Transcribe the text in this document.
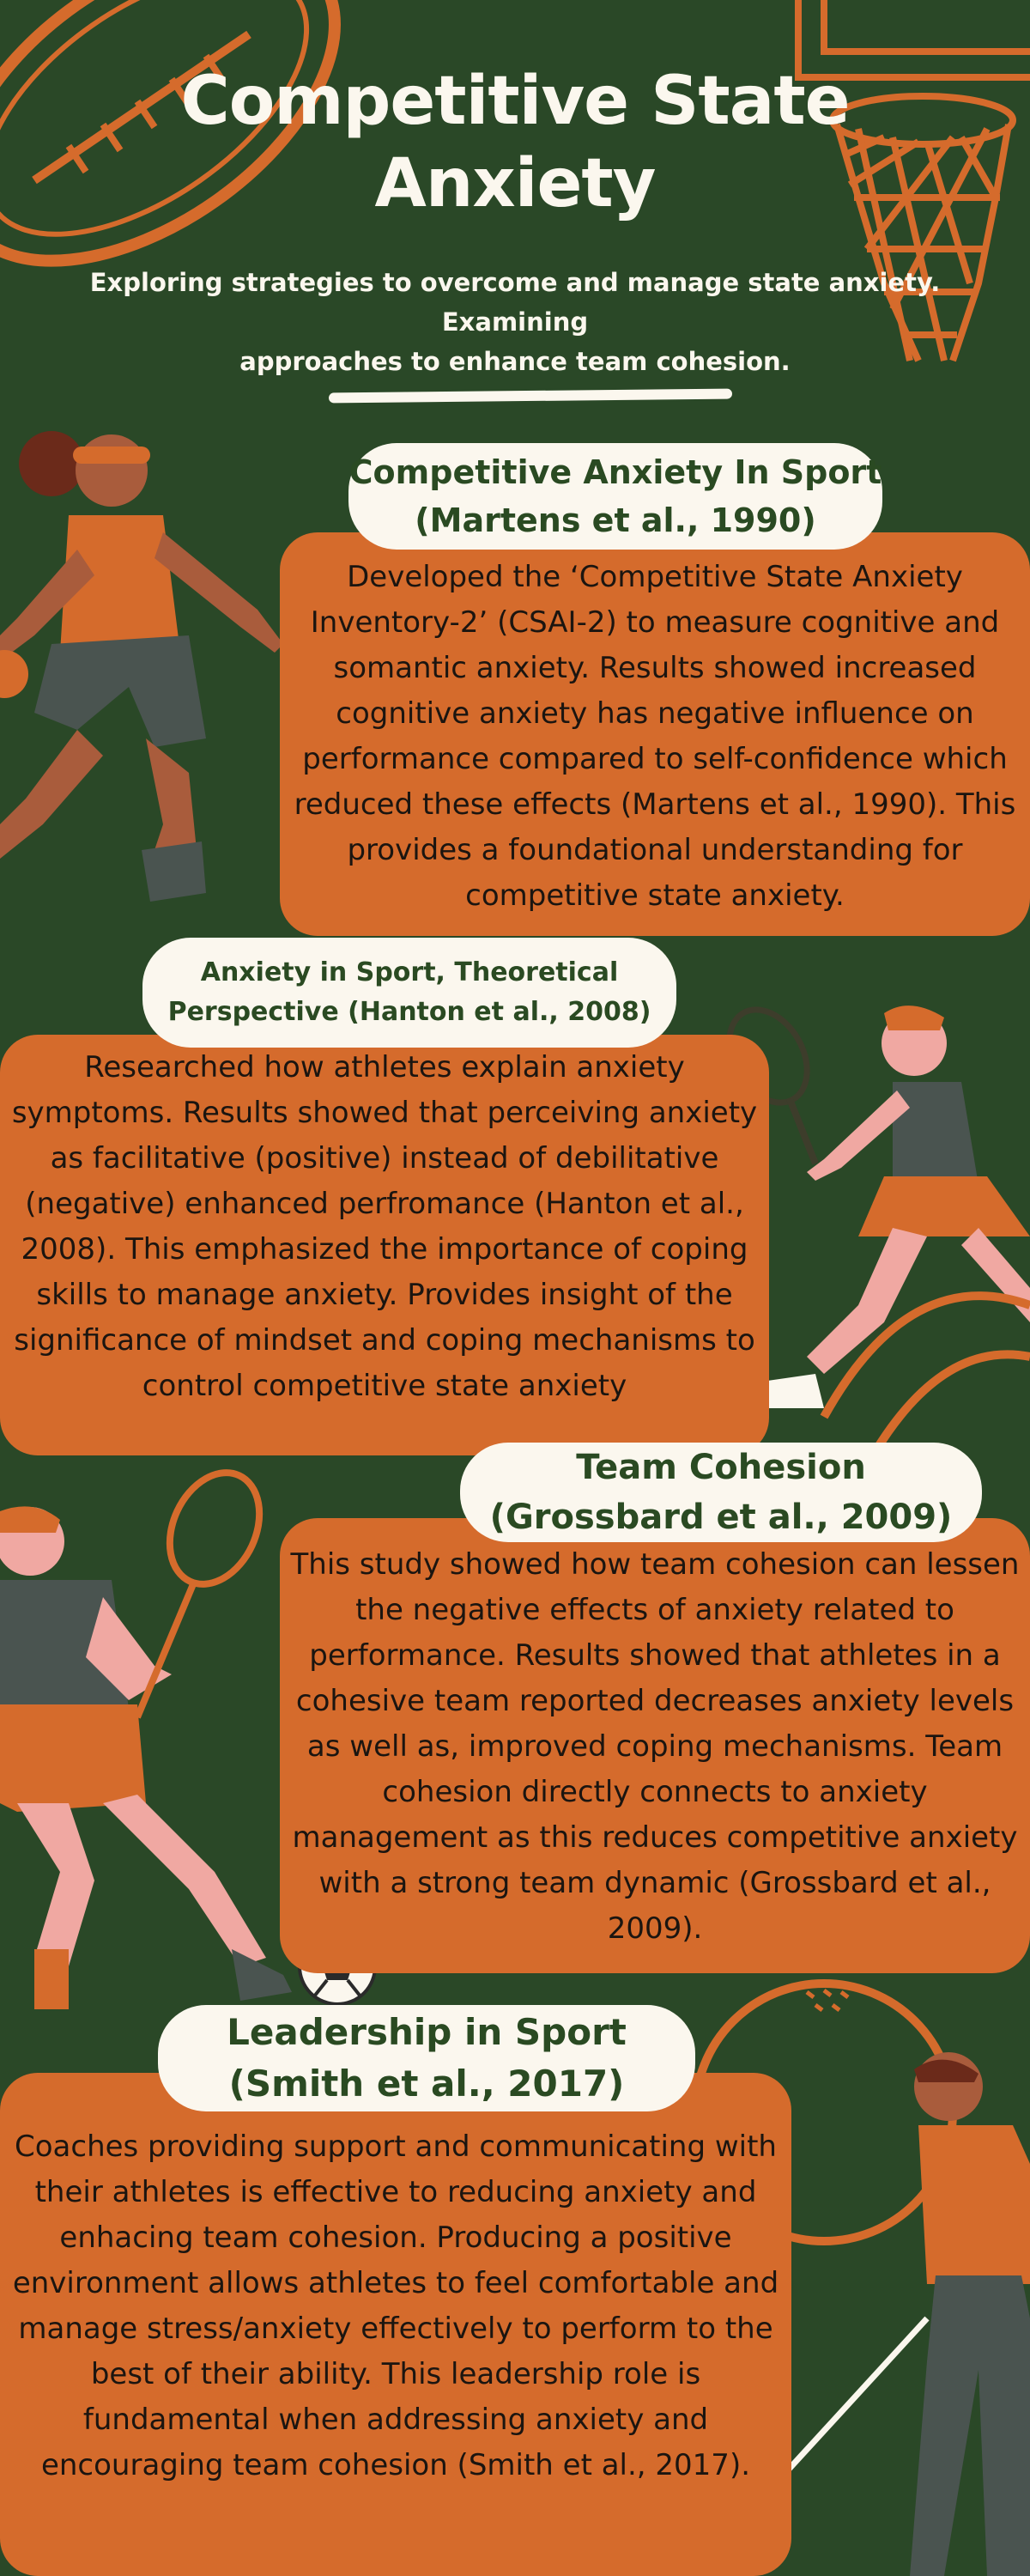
Competitive State
Anxiety
Exploring strategies to overcome and manage state anxiety. Examining
approaches to enhance team cohesion.

Developed the ‘Competitive State Anxiety Inventory-2’ (CSAI-2) to measure cognitive and somantic anxiety. Results showed increased cognitive anxiety has negative influence on performance compared to self-confidence which reduced these effects (Martens et al., 1990). This provides a foundational understanding for competitive state anxiety.

Competitive Anxiety In Sport
(Martens et al., 1990)

Researched how athletes explain anxiety symptoms. Results showed that perceiving anxiety as facilitative (positive) instead of debilitative (negative) enhanced perfromance (Hanton et al., 2008). This emphasized the importance of coping skills to manage anxiety. Provides insight of the significance of mindset and coping mechanisms to control competitive state anxiety

Anxiety in Sport, Theoretical
Perspective (Hanton et al., 2008)

This study showed how team cohesion can lessen the negative effects of anxiety related to performance. Results showed that athletes in a cohesive team reported decreases anxiety levels as well as, improved coping mechanisms. Team cohesion directly connects to anxiety management as this reduces competitive anxiety with a strong team dynamic (Grossbard et al., 2009).

Team Cohesion
(Grossbard et al., 2009)

Coaches providing support and communicating with their athletes is effective to reducing anxiety and enhacing team cohesion. Producing a positive environment allows athletes to feel comfortable and manage stress/anxiety effectively to perform to the best of their ability. This leadership role is fundamental when addressing anxiety and encouraging team cohesion (Smith et al., 2017).

Leadership in Sport
(Smith et al., 2017)
